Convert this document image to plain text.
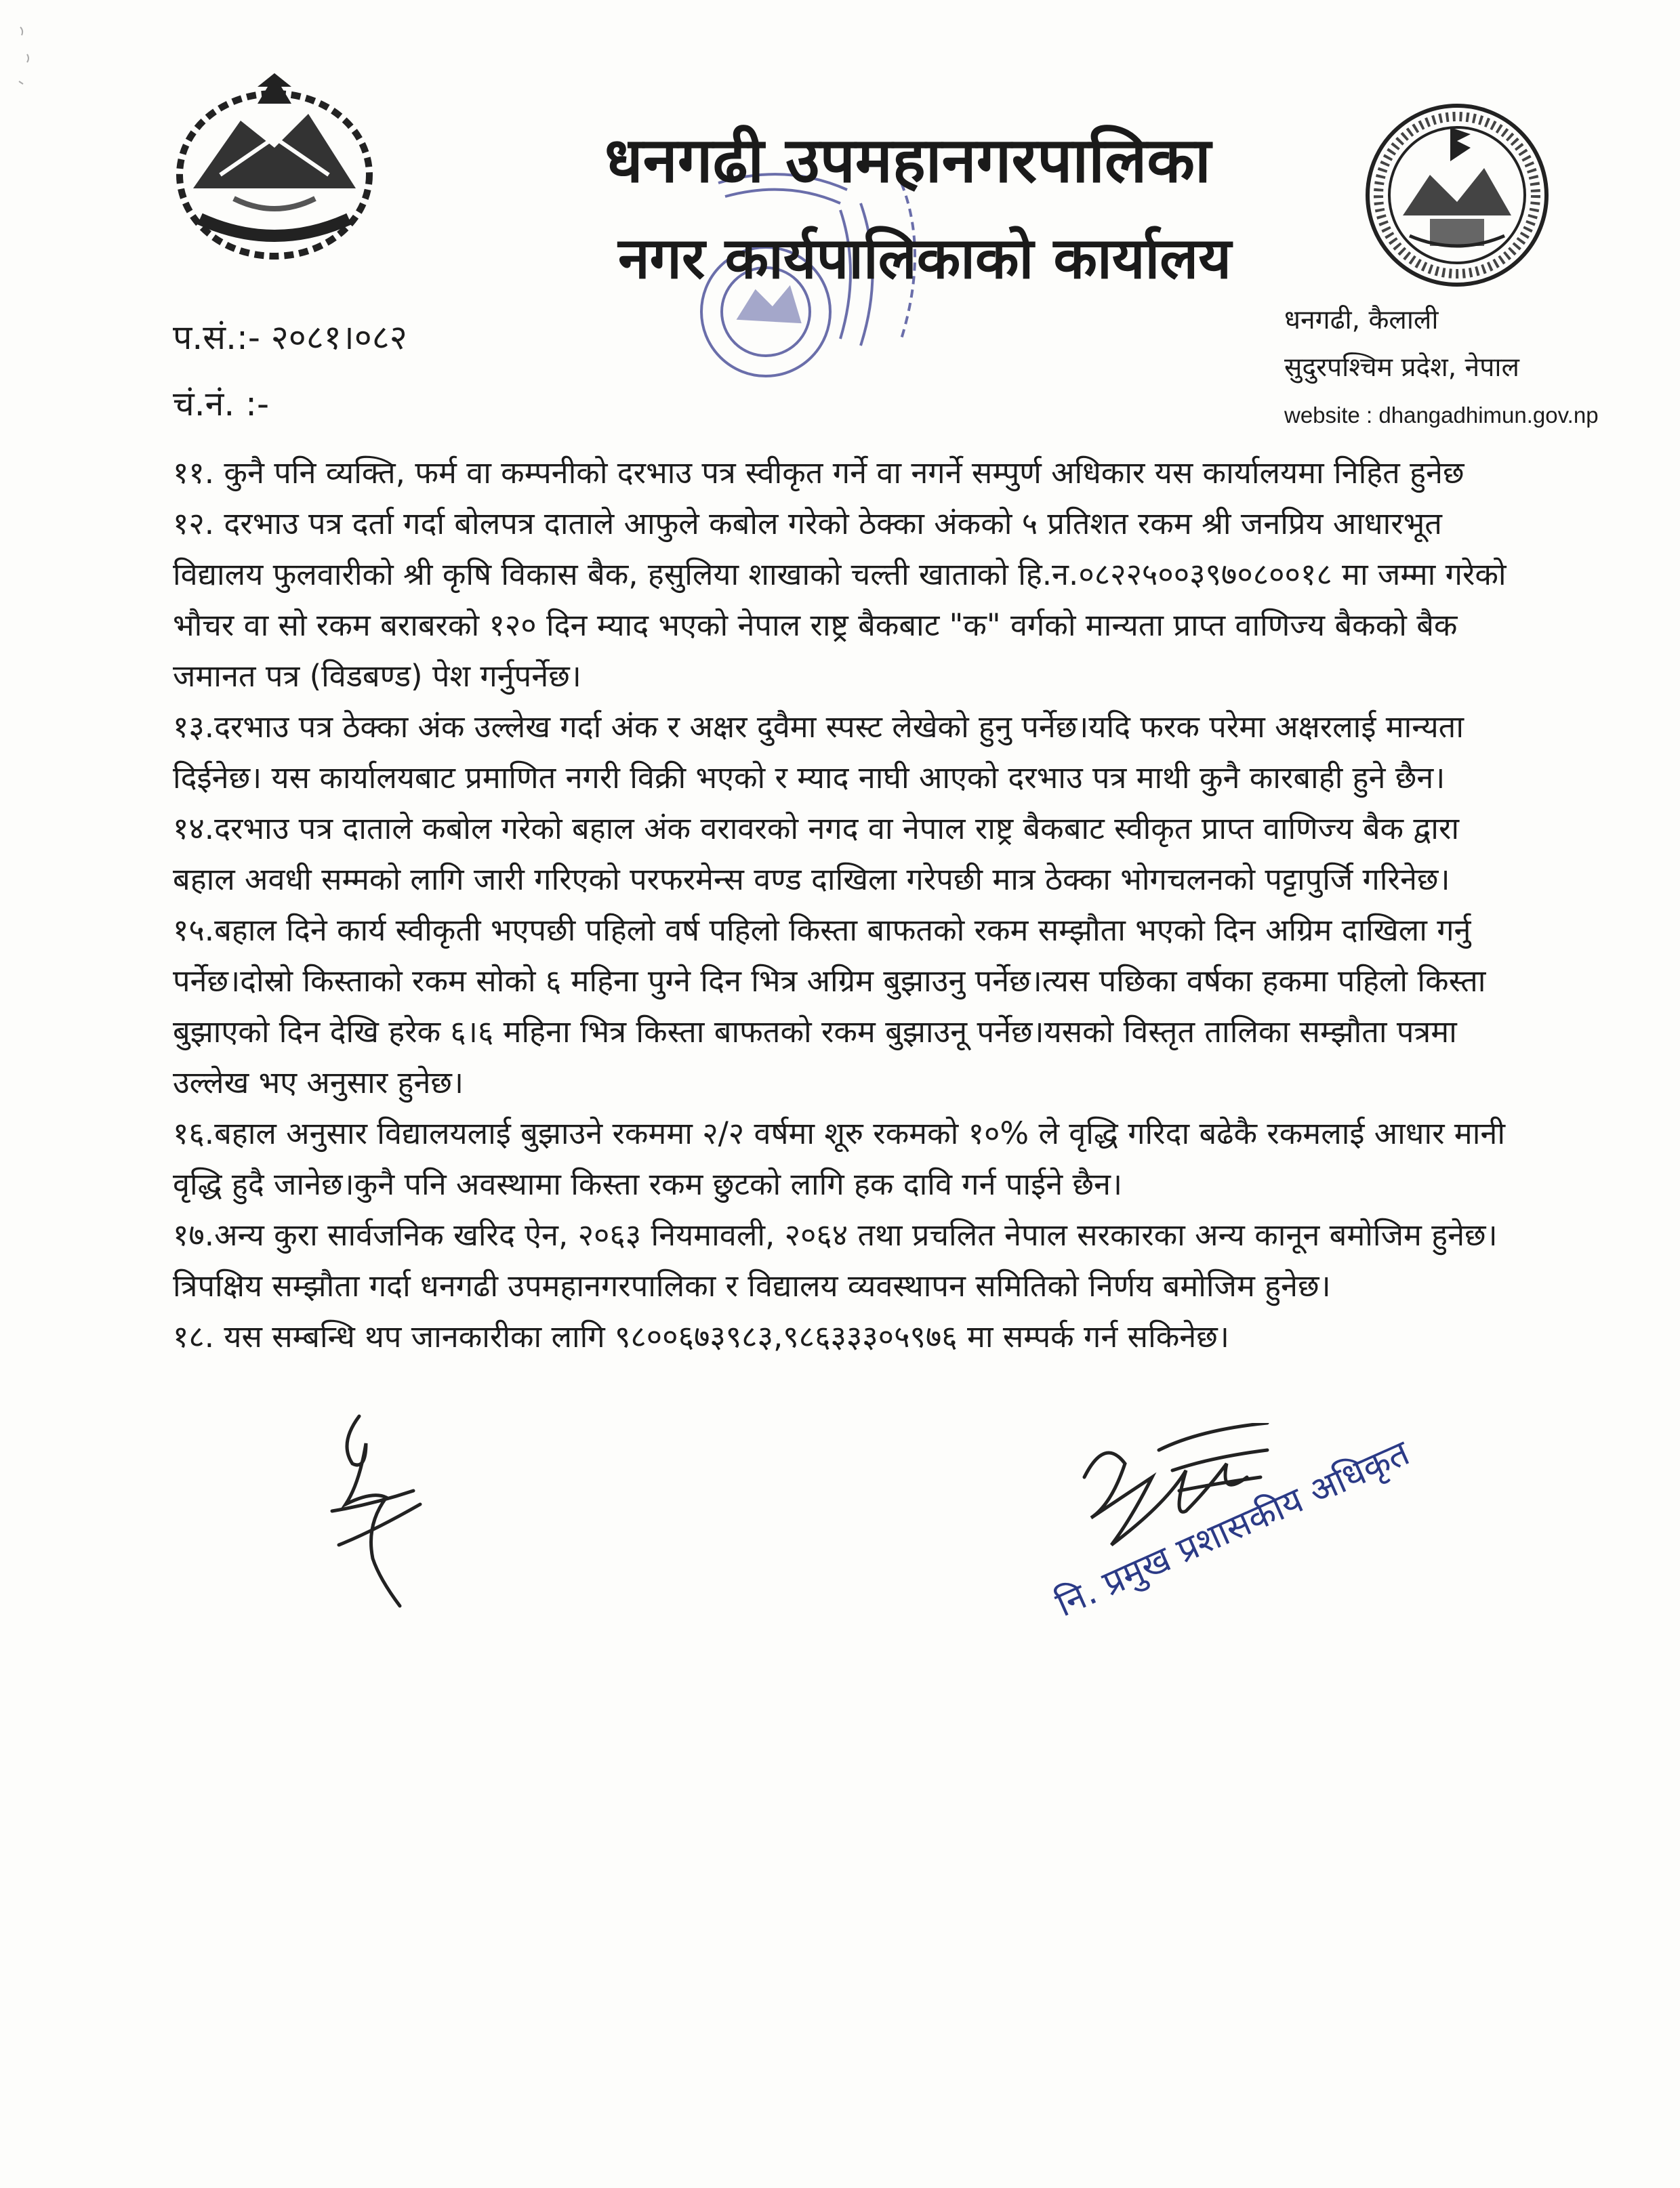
धनगढी उपमहानगरपालिका
नगर कार्यपालिकाको कार्यालय
प.सं.:- २०८१।०८२
चं.नं. :-
धनगढी, कैलाली
सुदुरपश्चिम प्रदेश, नेपाल
website : dhangadhimun.gov.np

११. कुनै पनि व्यक्ति, फर्म वा कम्पनीको दरभाउ पत्र स्वीकृत गर्ने वा नगर्ने सम्पुर्ण अधिकार यस कार्यालयमा निहित हुनेछ

१२. दरभाउ पत्र दर्ता गर्दा बोलपत्र दाताले आफुले कबोल गरेको ठेक्का अंकको ५ प्रतिशत रकम श्री जनप्रिय आधारभूत विद्यालय फुलवारीको श्री कृषि विकास बैक, हसुलिया शाखाको चल्ती खाताको हि.न.०८२२५००३९७०८००१८ मा जम्मा गरेको भौचर वा सो रकम बराबरको १२० दिन म्याद भएको नेपाल राष्ट्र बैकबाट "क" वर्गको मान्यता प्राप्त वाणिज्य बैकको बैक जमानत पत्र (विडबण्ड) पेश गर्नुपर्नेछ।

१३.दरभाउ पत्र ठेक्का अंक उल्लेख गर्दा अंक र अक्षर दुवैमा स्पस्ट लेखेको हुनु पर्नेछ।यदि फरक परेमा अक्षरलाई मान्यता दिईनेछ। यस कार्यालयबाट प्रमाणित नगरी विक्री भएको र म्याद नाघी आएको दरभाउ पत्र माथी कुनै कारबाही हुने छैन।

१४.दरभाउ पत्र दाताले कबोल गरेको बहाल अंक वरावरको नगद वा नेपाल राष्ट्र बैकबाट स्वीकृत प्राप्त वाणिज्य बैक द्वारा बहाल अवधी सम्मको लागि जारी गरिएको परफरमेन्स वण्ड दाखिला गरेपछी मात्र ठेक्का भोगचलनको पट्टापुर्जि गरिनेछ।

१५.बहाल दिने कार्य स्वीकृती भएपछी पहिलो वर्ष पहिलो किस्ता बाफतको रकम सम्झौता भएको दिन अग्रिम दाखिला गर्नु पर्नेछ।दोस्रो किस्ताको रकम सोको ६ महिना पुग्ने दिन भित्र अग्रिम बुझाउनु पर्नेछ।त्यस पछिका वर्षका हकमा पहिलो किस्ता बुझाएको दिन देखि हरेक ६।६ महिना भित्र किस्ता बाफतको रकम बुझाउनू पर्नेछ।यसको विस्तृत तालिका सम्झौता पत्रमा उल्लेख भए अनुसार हुनेछ।

१६.बहाल अनुसार विद्यालयलाई बुझाउने रकममा २/२ वर्षमा शूरु रकमको १०% ले वृद्धि गरिदा बढेकै रकमलाई आधार मानी वृद्धि हुदै जानेछ।कुनै पनि अवस्थामा किस्ता रकम छुटको लागि हक दावि गर्न पाईने छैन।

१७.अन्य कुरा सार्वजनिक खरिद ऐन, २०६३ नियमावली, २०६४ तथा प्रचलित नेपाल सरकारका अन्य कानून बमोजिम हुनेछ।त्रिपक्षिय सम्झौता गर्दा धनगढी उपमहानगरपालिका र विद्यालय व्यवस्थापन समितिको निर्णय बमोजिम हुनेछ।

१८. यस सम्बन्धि थप जानकारीका लागि ९८००६७३९८३,९८६३३३०५९७६ मा सम्पर्क गर्न सकिनेछ।

नि. प्रमुख प्रशासकीय अधिकृत
